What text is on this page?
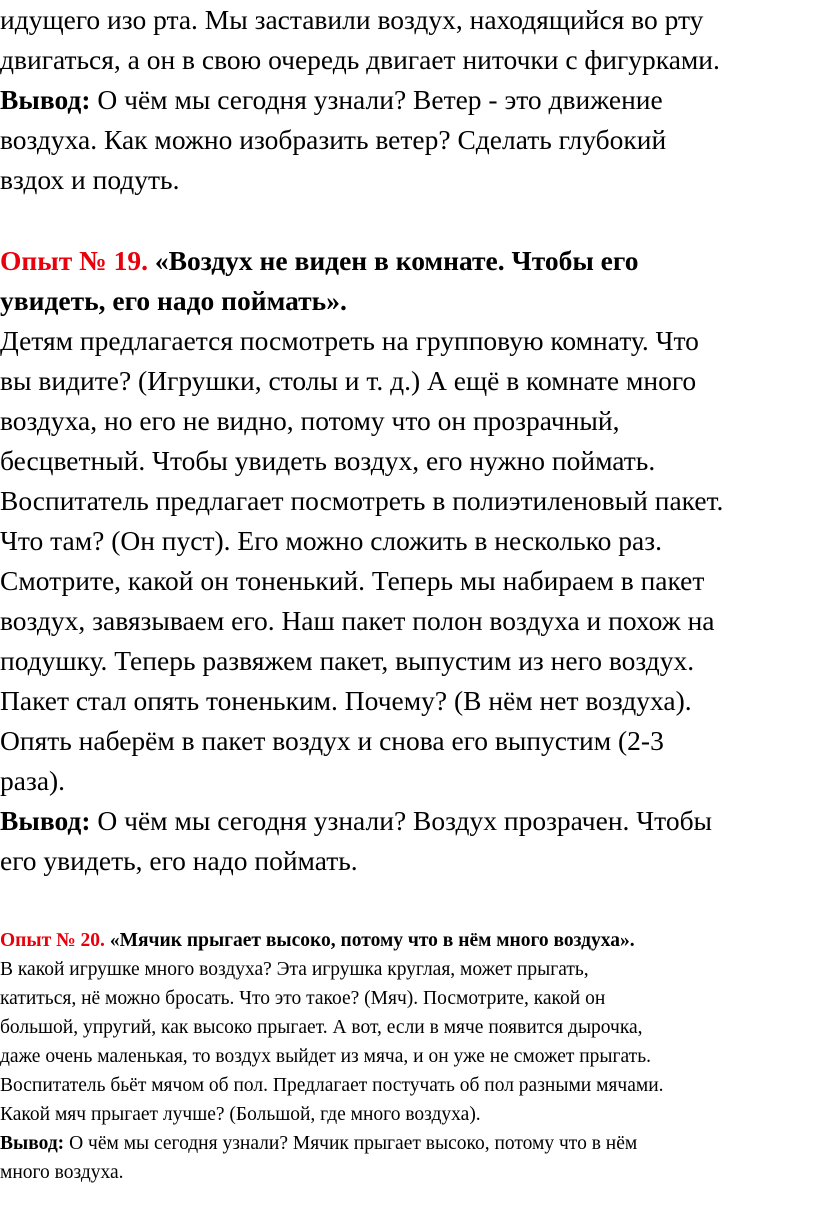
идущего изо рта. Мы заставили воздух, находящийся во рту
двигаться, а он в свою очередь двигает ниточки с фигурками.
Вывод: О чём мы сегодня узнали? Ветер - это движение
воздуха. Как можно изобразить ветер? Сделать глубокий
вздох и подуть.
Опыт № 19. «Воздух не виден в комнате. Чтобы его
увидеть, его надо поймать».
Детям предлагается посмотреть на групповую комнату. Что
вы видите? (Игрушки, столы и т. д.) А ещё в комнате много
воздуха, но его не видно, потому что он прозрачный,
бесцветный. Чтобы увидеть воздух, его нужно поймать.
Воспитатель предлагает посмотреть в полиэтиленовый пакет.
Что там? (Он пуст). Его можно сложить в несколько раз.
Смотрите, какой он тоненький. Теперь мы набираем в пакет
воздух, завязываем его. Наш пакет полон воздуха и похож на
подушку. Теперь развяжем пакет, выпустим из него воздух.
Пакет стал опять тоненьким. Почему? (В нём нет воздуха).
Опять наберём в пакет воздух и снова его выпустим (2-3
раза).
Вывод: О чём мы сегодня узнали? Воздух прозрачен. Чтобы
его увидеть, его надо поймать.
Опыт № 20. «Мячик прыгает высоко, потому что в нём много воздуха».
В какой игрушке много воздуха? Эта игрушка круглая, может прыгать,
катиться, нё можно бросать. Что это такое? (Мяч). Посмотрите, какой он
большой, упругий, как высоко прыгает. А вот, если в мяче появится дырочка,
даже очень маленькая, то воздух выйдет из мяча, и он уже не сможет прыгать.
Воспитатель бьёт мячом об пол. Предлагает постучать об пол разными мячами.
Какой мяч прыгает лучше? (Большой, где много воздуха).
Вывод: О чём мы сегодня узнали? Мячик прыгает высоко, потому что в нём
много воздуха.
